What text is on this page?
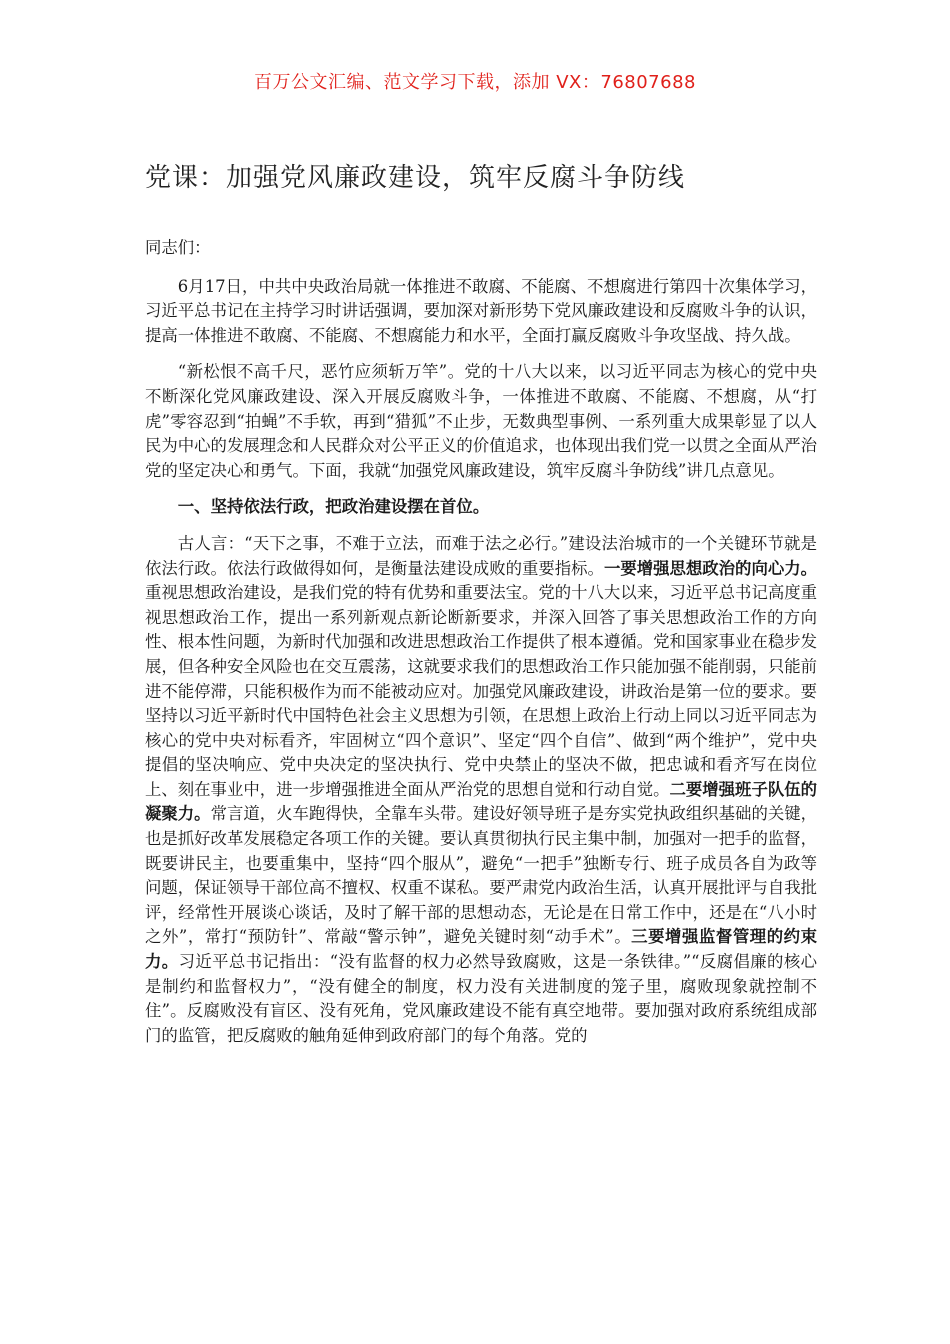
百万公文汇编、范文学习下载，添加 VX：76807688
党课：加强党风廉政建设，筑牢反腐斗争防线

同志们：

6月17日，中共中央政治局就一体推进不敢腐、不能腐、不想腐进行第四十次集体学习，习近平总书记在主持学习时讲话强调，要加深对新形势下党风廉政建设和反腐败斗争的认识，提高一体推进不敢腐、不能腐、不想腐能力和水平，全面打赢反腐败斗争攻坚战、持久战。

“新松恨不高千尺，恶竹应须斩万竿”。党的十八大以来，以习近平同志为核心的党中央不断深化党风廉政建设、深入开展反腐败斗争，一体推进不敢腐、不能腐、不想腐，从“打虎”零容忍到“拍蝇”不手软，再到“猎狐”不止步，无数典型事例、一系列重大成果彰显了以人民为中心的发展理念和人民群众对公平正义的价值追求，也体现出我们党一以贯之全面从严治党的坚定决心和勇气。下面，我就“加强党风廉政建设，筑牢反腐斗争防线”讲几点意见。

一、坚持依法行政，把政治建设摆在首位。

古人言：“天下之事，不难于立法，而难于法之必行。”建设法治城市的一个关键环节就是依法行政。依法行政做得如何，是衡量法建设成败的重要指标。一要增强思想政治的向心力。重视思想政治建设，是我们党的特有优势和重要法宝。党的十八大以来，习近平总书记高度重视思想政治工作，提出一系列新观点新论断新要求，并深入回答了事关思想政治工作的方向性、根本性问题，为新时代加强和改进思想政治工作提供了根本遵循。党和国家事业在稳步发展，但各种安全风险也在交互震荡，这就要求我们的思想政治工作只能加强不能削弱，只能前进不能停滞，只能积极作为而不能被动应对。加强党风廉政建设，讲政治是第一位的要求。要坚持以习近平新时代中国特色社会主义思想为引领，在思想上政治上行动上同以习近平同志为核心的党中央对标看齐，牢固树立“四个意识”、坚定“四个自信”、做到“两个维护”，党中央提倡的坚决响应、党中央决定的坚决执行、党中央禁止的坚决不做，把忠诚和看齐写在岗位上、刻在事业中，进一步增强推进全面从严治党的思想自觉和行动自觉。二要增强班子队伍的凝聚力。常言道，火车跑得快，全靠车头带。建设好领导班子是夯实党执政组织基础的关键，也是抓好改革发展稳定各项工作的关键。要认真贯彻执行民主集中制，加强对一把手的监督，既要讲民主，也要重集中，坚持“四个服从”，避免“一把手”独断专行、班子成员各自为政等问题，保证领导干部位高不擅权、权重不谋私。要严肃党内政治生活，认真开展批评与自我批评，经常性开展谈心谈话，及时了解干部的思想动态，无论是在日常工作中，还是在“八小时之外”，常打“预防针”、常敲“警示钟”，避免关键时刻“动手术”。三要增强监督管理的约束力。习近平总书记指出：“没有监督的权力必然导致腐败，这是一条铁律。”“反腐倡廉的核心是制约和监督权力”，“没有健全的制度，权力没有关进制度的笼子里，腐败现象就控制不住”。反腐败没有盲区、没有死角，党风廉政建设不能有真空地带。要加强对政府系统组成部门的监管，把反腐败的触角延伸到政府部门的每个角落。党的
